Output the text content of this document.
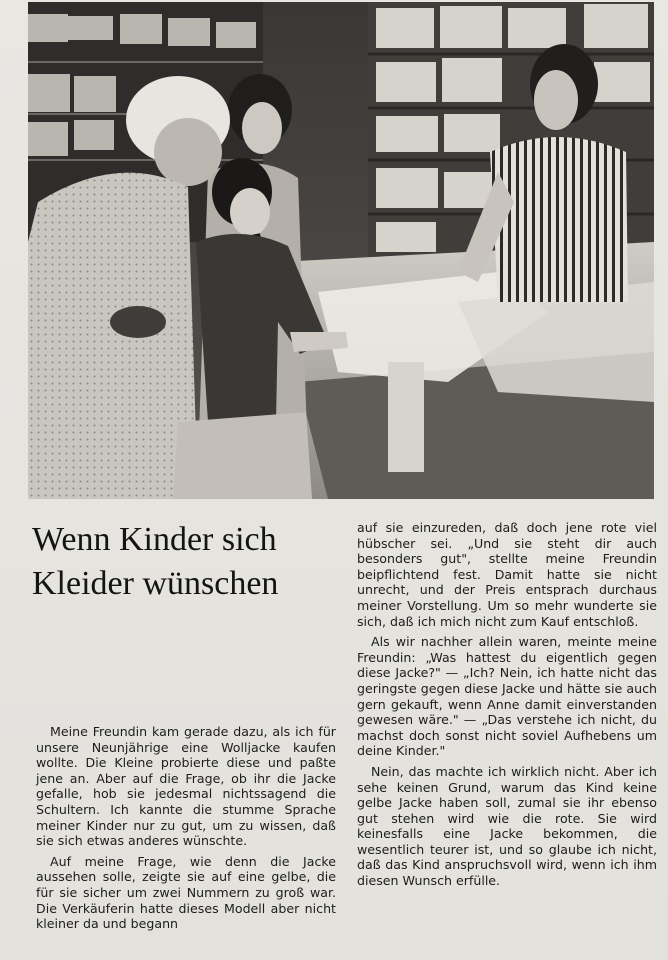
Wenn Kinder sich
Kleider wünschen

Meine Freundin kam gerade dazu, als ich für unsere Neunjährige eine Wolljacke kaufen wollte. Die Kleine probierte diese und paßte jene an. Aber auf die Frage, ob ihr die Jacke gefalle, hob sie jedesmal nichtssagend die Schultern. Ich kannte die stumme Sprache meiner Kinder nur zu gut, um zu wissen, daß sie sich etwas anderes wünschte.

Auf meine Frage, wie denn die Jacke aussehen solle, zeigte sie auf eine gelbe, die für sie sicher um zwei Nummern zu groß war. Die Verkäuferin hatte dieses Modell aber nicht kleiner da und begann

auf sie einzureden, daß doch jene rote viel hübscher sei. „Und sie steht dir auch besonders gut", stellte meine Freundin beipflichtend fest. Damit hatte sie nicht unrecht, und der Preis entsprach durchaus meiner Vorstellung. Um so mehr wunderte sie sich, daß ich mich nicht zum Kauf entschloß.

Als wir nachher allein waren, meinte meine Freundin: „Was hattest du eigentlich gegen diese Jacke?" — „Ich? Nein, ich hatte nicht das geringste gegen diese Jacke und hätte sie auch gern gekauft, wenn Anne damit einverstanden gewesen wäre." — „Das verstehe ich nicht, du machst doch sonst nicht soviel Aufhebens um deine Kinder."

Nein, das machte ich wirklich nicht. Aber ich sehe keinen Grund, warum das Kind keine gelbe Jacke haben soll, zumal sie ihr ebenso gut stehen wird wie die rote. Sie wird keinesfalls eine Jacke bekommen, die wesentlich teurer ist, und so glaube ich nicht, daß das Kind anspruchsvoll wird, wenn ich ihm diesen Wunsch erfülle.
